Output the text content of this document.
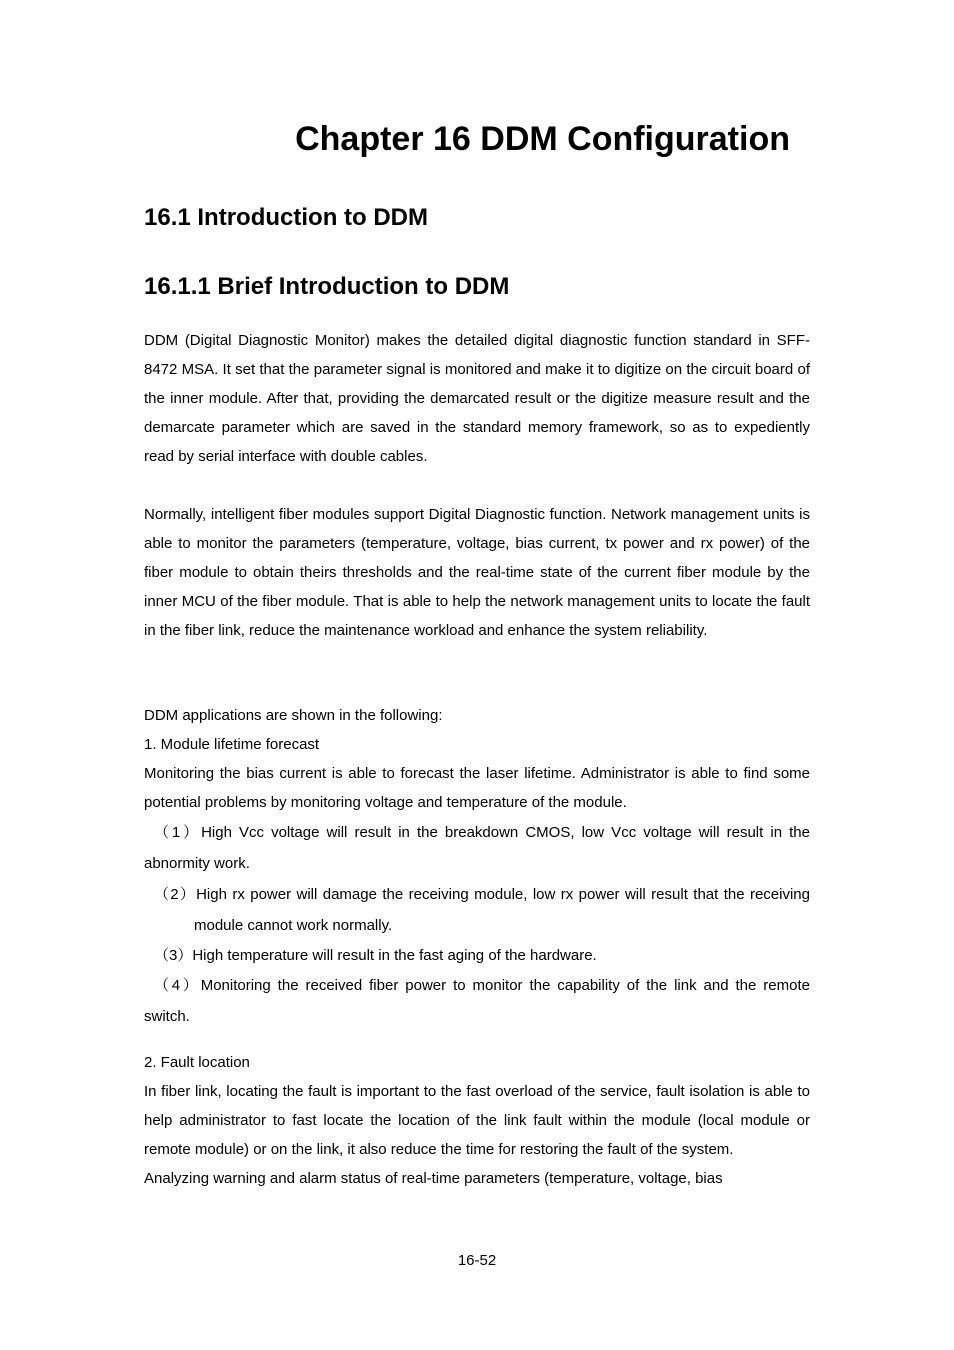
Chapter 16 DDM Configuration
16.1 Introduction to DDM
16.1.1 Brief Introduction to DDM

DDM (Digital Diagnostic Monitor) makes the detailed digital diagnostic function standard in SFF-8472 MSA. It set that the parameter signal is monitored and make it to digitize on the circuit board of the inner module. After that, providing the demarcated result or the digitize measure result and the demarcate parameter which are saved in the standard memory framework, so as to expediently read by serial interface with double cables.

Normally, intelligent fiber modules support Digital Diagnostic function. Network management units is able to monitor the parameters (temperature, voltage, bias current, tx power and rx power) of the fiber module to obtain theirs thresholds and the real-time state of the current fiber module by the inner MCU of the fiber module. That is able to help the network management units to locate the fault in the fiber link, reduce the maintenance workload and enhance the system reliability.

DDM applications are shown in the following:

1. Module lifetime forecast

Monitoring the bias current is able to forecast the laser lifetime. Administrator is able to find some potential problems by monitoring voltage and temperature of the module.

（1）High Vcc voltage will result in the breakdown CMOS, low Vcc voltage will result in the abnormity work.

（2）High rx power will damage the receiving module, low rx power will result that the receiving module cannot work normally.

（3）High temperature will result in the fast aging of the hardware.

（4）Monitoring the received fiber power to monitor the capability of the link and the remote switch.

2. Fault location

In fiber link, locating the fault is important to the fast overload of the service, fault isolation is able to help administrator to fast locate the location of the link fault within the module (local module or remote module) or on the link, it also reduce the time for restoring the fault of the system.

Analyzing warning and alarm status of real-time parameters (temperature, voltage, bias

16-52
